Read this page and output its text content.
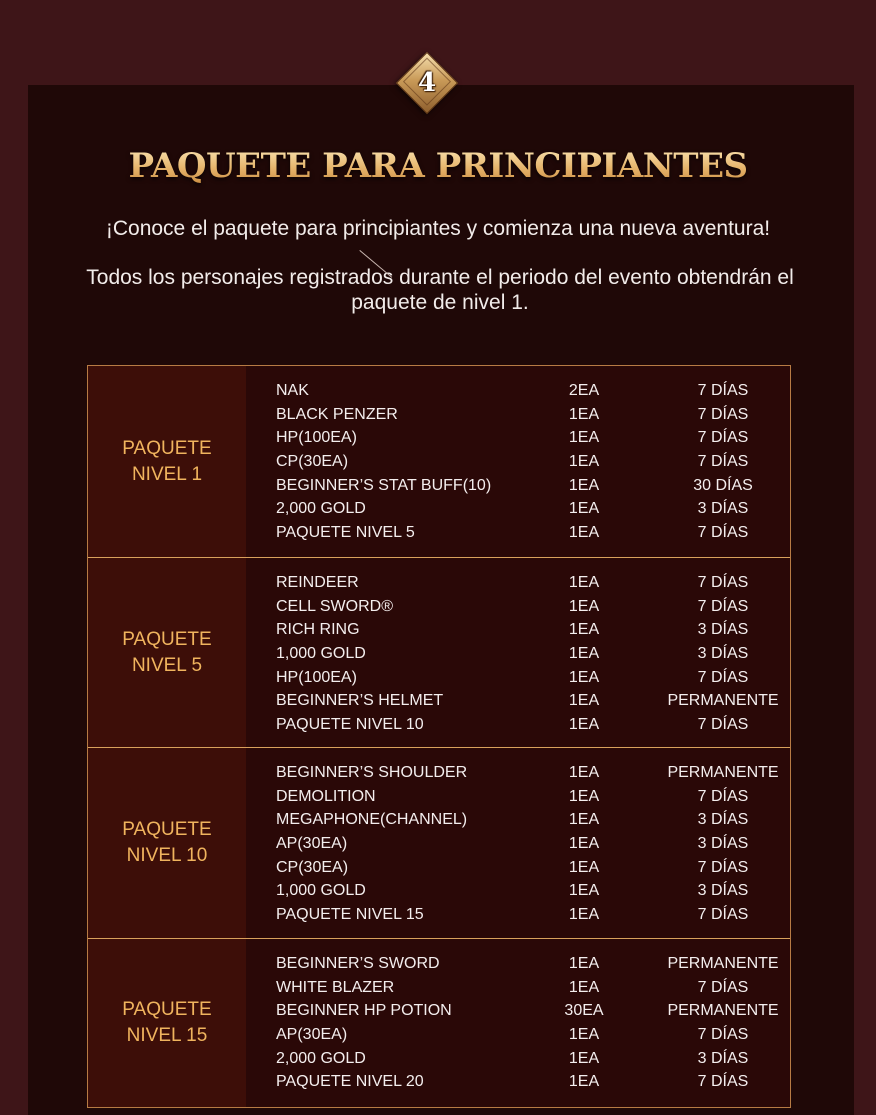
4
PAQUETE PARA PRINCIPIANTES
¡Conoce el paquete para principiantes y comienza una nueva aventura!
Todos los personajes registrados durante el periodo del evento obtendrán el paquete de nivel 1.
PAQUETE
NIVEL 1
NAK	2EA	7 DÍAS
BLACK PENZER	1EA	7 DÍAS
HP(100EA)	1EA	7 DÍAS
CP(30EA)	1EA	7 DÍAS
BEGINNER’S STAT BUFF(10)	1EA	30 DÍAS
2,000 GOLD	1EA	3 DÍAS
PAQUETE NIVEL 5	1EA	7 DÍAS
PAQUETE
NIVEL 5
REINDEER	1EA	7 DÍAS
CELL SWORD®	1EA	7 DÍAS
RICH RING	1EA	3 DÍAS
1,000 GOLD	1EA	3 DÍAS
HP(100EA)	1EA	7 DÍAS
BEGINNER’S HELMET	1EA	PERMANENTE
PAQUETE NIVEL 10	1EA	7 DÍAS
PAQUETE
NIVEL 10
BEGINNER’S SHOULDER	1EA	PERMANENTE
DEMOLITION	1EA	7 DÍAS
MEGAPHONE(CHANNEL)	1EA	3 DÍAS
AP(30EA)	1EA	3 DÍAS
CP(30EA)	1EA	7 DÍAS
1,000 GOLD	1EA	3 DÍAS
PAQUETE NIVEL 15	1EA	7 DÍAS
PAQUETE
NIVEL 15
BEGINNER’S SWORD	1EA	PERMANENTE
WHITE BLAZER	1EA	7 DÍAS
BEGINNER HP POTION	30EA	PERMANENTE
AP(30EA)	1EA	7 DÍAS
2,000 GOLD	1EA	3 DÍAS
PAQUETE NIVEL 20	1EA	7 DÍAS
